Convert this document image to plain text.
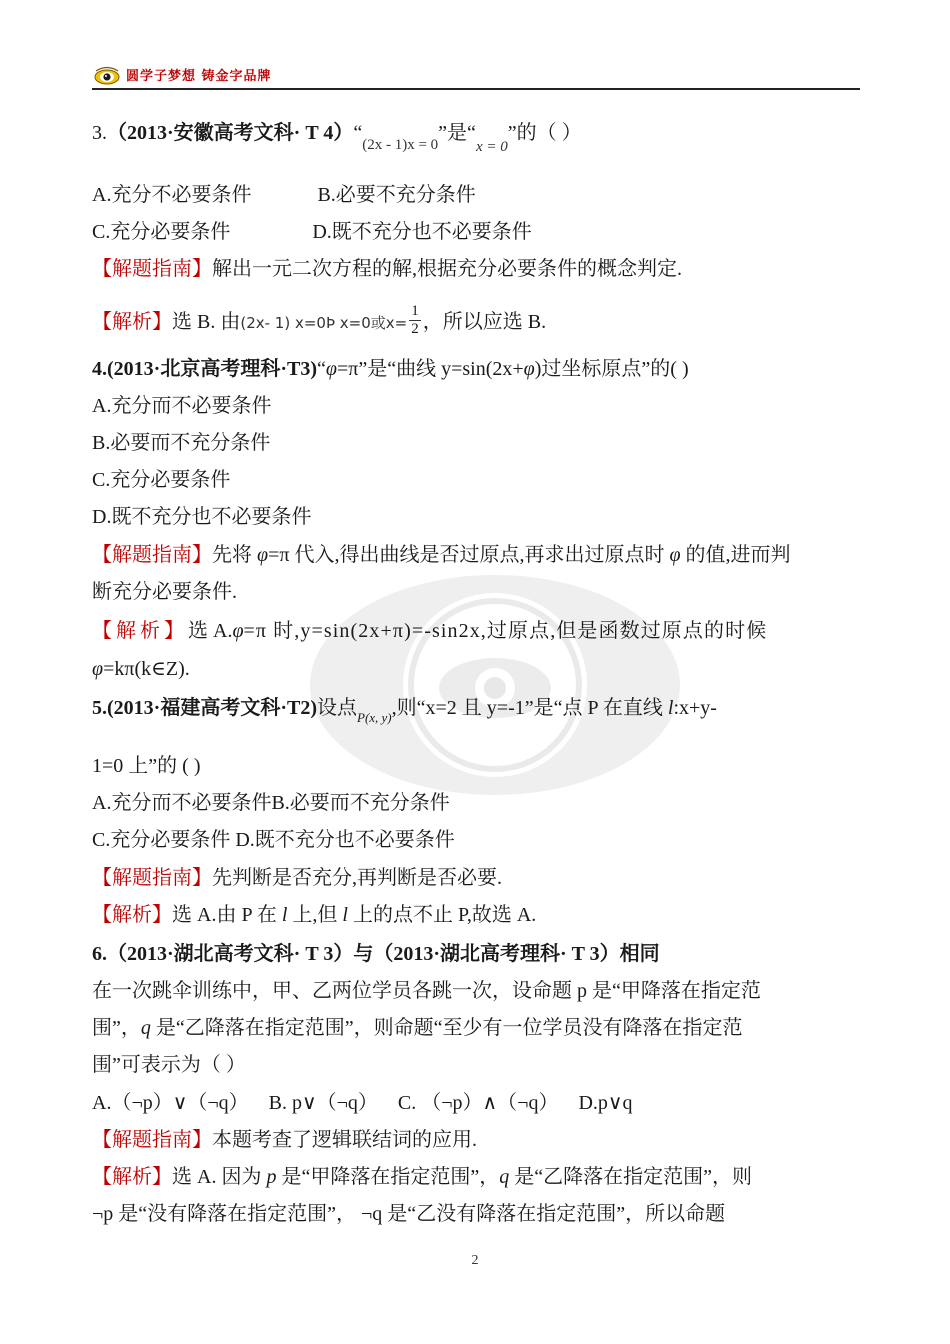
圆学子梦想 铸金字品牌
3.（2013·安徽高考文科· T $4)“_{(2x - 1)x = 0}$”是“$_{x = 0}$”的（ ）
A.充分不必要条件	B.必要不充分条件
C.充分必要条件	D.既不充分也不必要条件
【解题指南】解出一元二次方程的解,根据充分必要条件的概念判定.
【解析】选 B. 由(2x- 1) x=0Þ x=0或$x= \frac{1}{2}$ ，所以应选 B.
4.(2013·北京高考理科·T3)“φ=π”是“曲线 y=sin(2x+φ)过坐标原点”的( )
A.充分而不必要条件
B.必要而不充分条件
C.充分必要条件
D.既不充分也不必要条件
【解题指南】先将 φ=π 代入,得出曲线是否过原点,再求出过原点时 φ 的值,进而判
断充分必要条件.
【解析】选 A.φ=π 时,y=sin(2x+π)=-sin2x,过原点,但是函数过原点的时候
φ=kπ(k∈Z).
5.(2013·福建高考文科·T2)设点$_{P(x, y)}$,则“x=2 且 y=-1”是“点 P 在直线 l:x+y-
1=0 上”的 ( )
A.充分而不必要条件B.必要而不充分条件
C.充分必要条件 D.既不充分也不必要条件
【解题指南】先判断是否充分,再判断是否必要.
【解析】选 A.由 P 在 l 上,但 l 上的点不止 P,故选 A.
6.（2013·湖北高考文科· T 3）与（2013·湖北高考理科· T 3）相同
在一次跳伞训练中，甲、乙两位学员各跳一次，设命题 p 是“甲降落在指定范
围”，q 是“乙降落在指定范围”，则命题“至少有一位学员没有降落在指定范
围”可表示为（ ）
A.（¬p）∨（¬q） B. p∨（¬q） C. （¬p）∧（¬q） D.p∨q
【解题指南】本题考查了逻辑联结词的应用.
【解析】选 A. 因为 p 是“甲降落在指定范围”，q 是“乙降落在指定范围”，则
¬p 是“没有降落在指定范围”， ¬q 是“乙没有降落在指定范围”，所以命题
2
